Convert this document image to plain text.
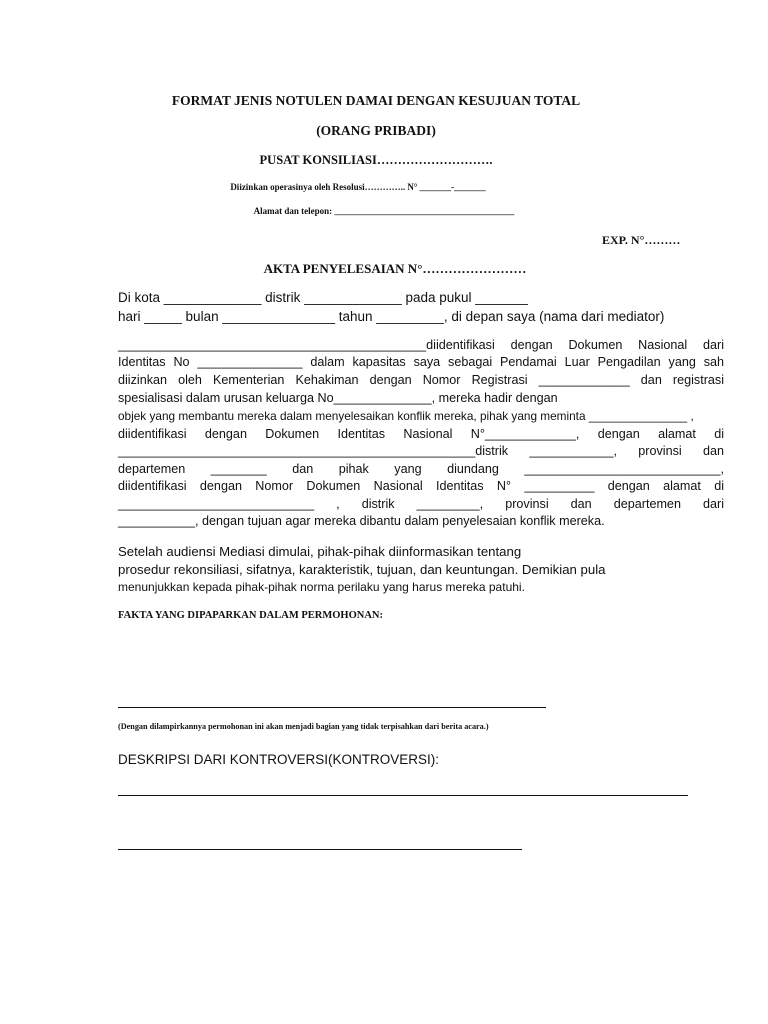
FORMAT JENIS NOTULEN DAMAI DENGAN KESUJUAN TOTAL
(ORANG PRIBADI)
PUSAT KONSILIASI……………………….
Diizinkan operasinya oleh Resolusi………….. N° _______-_______
Alamat dan telepon: ________________________________________
EXP. N°………
AKTA PENYELESAIAN N°……………………
Di kota _____________ distrik _____________ pada pukul _______
hari _____ bulan _______________ tahun _________, di depan saya (nama dari mediator)
____________________________________________diidentifikasi dengan Dokumen Nasional dari
Identitas No _______________ dalam kapasitas saya sebagai Pendamai Luar Pengadilan yang sah
diizinkan oleh Kementerian Kehakiman dengan Nomor Registrasi _____________ dan registrasi
spesialisasi dalam urusan keluarga No______________, mereka hadir dengan
objek yang membantu mereka dalam menyelesaikan konflik mereka, pihak yang meminta _______________ ,
diidentifikasi dengan Dokumen Identitas Nasional N°_____________, dengan alamat di
___________________________________________________distrik ____________, provinsi dan
departemen ________ dan pihak yang diundang ____________________________,
diidentifikasi dengan Nomor Dokumen Nasional Identitas N° __________ dengan alamat di
____________________________ , distrik _________, provinsi dan departemen dari
___________, dengan tujuan agar mereka dibantu dalam penyelesaian konflik mereka.
Setelah audiensi Mediasi dimulai, pihak-pihak diinformasikan tentang
prosedur rekonsiliasi, sifatnya, karakteristik, tujuan, dan keuntungan. Demikian pula
menunjukkan kepada pihak-pihak norma perilaku yang harus mereka patuhi.
FAKTA YANG DIPAPARKAN DALAM PERMOHONAN:
(Dengan dilampirkannya permohonan ini akan menjadi bagian yang tidak terpisahkan dari berita acara.)
DESKRIPSI DARI KONTROVERSI(KONTROVERSI):
